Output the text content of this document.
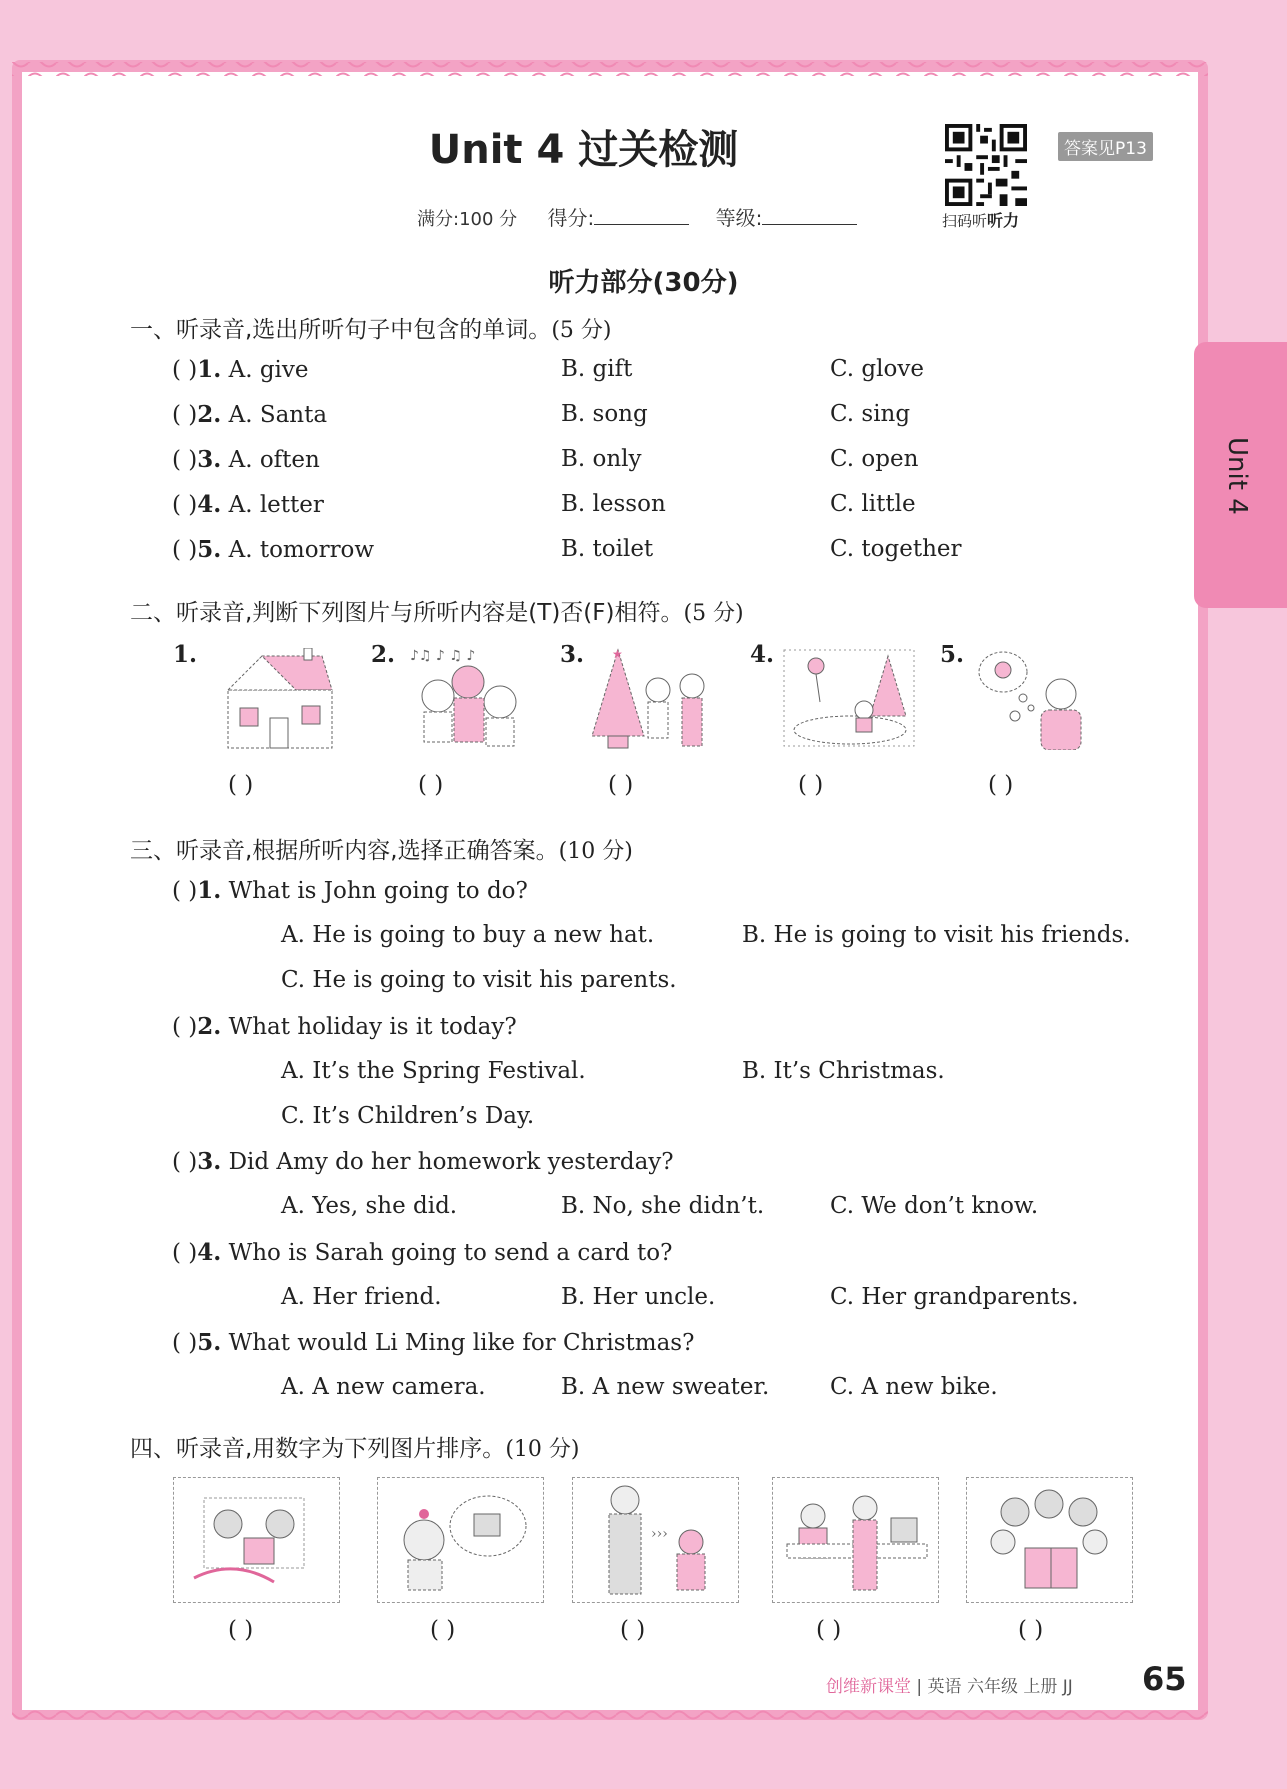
Unit 4
Unit 4 过关检测
扫码听听力
答案见P13
满分:100 分 得分:	等级:
听力部分(30分)
一、听录音,选出所听句子中包含的单词。(5 分)
( )1. A. give	B. gift	C. glove
( )2. A. Santa	B. song	C. sing
( )3. A. often	B. only	C. open
( )4. A. letter	B. lesson	C. little
( )5. A. tomorrow	B. toilet	C. together
二、听录音,判断下列图片与所听内容是(T)否(F)相符。(5 分)
1.	2.	3.	4.	5.
♪♫ ♪ ♫ ♪	★
( )	( )	( )	( )	( )
三、听录音,根据所听内容,选择正确答案。(10 分)
( )1. What is John going to do?
A. He is going to buy a new hat.	B. He is going to visit his friends.
C. He is going to visit his parents.
( )2. What holiday is it today?
A. It’s the Spring Festival.	B. It’s Christmas.
C. It’s Children’s Day.
( )3. Did Amy do her homework yesterday?
A. Yes, she did.	B. No, she didn’t.	C. We don’t know.
( )4. Who is Sarah going to send a card to?
A. Her friend.	B. Her uncle.	C. Her grandparents.
( )5. What would Li Ming like for Christmas?
A. A new camera.	B. A new sweater.	C. A new bike.
四、听录音,用数字为下列图片排序。(10 分)
›››
( )	( )	( )	( )	( )
创维新课堂 | 英语 六年级 上册 JJ 65
